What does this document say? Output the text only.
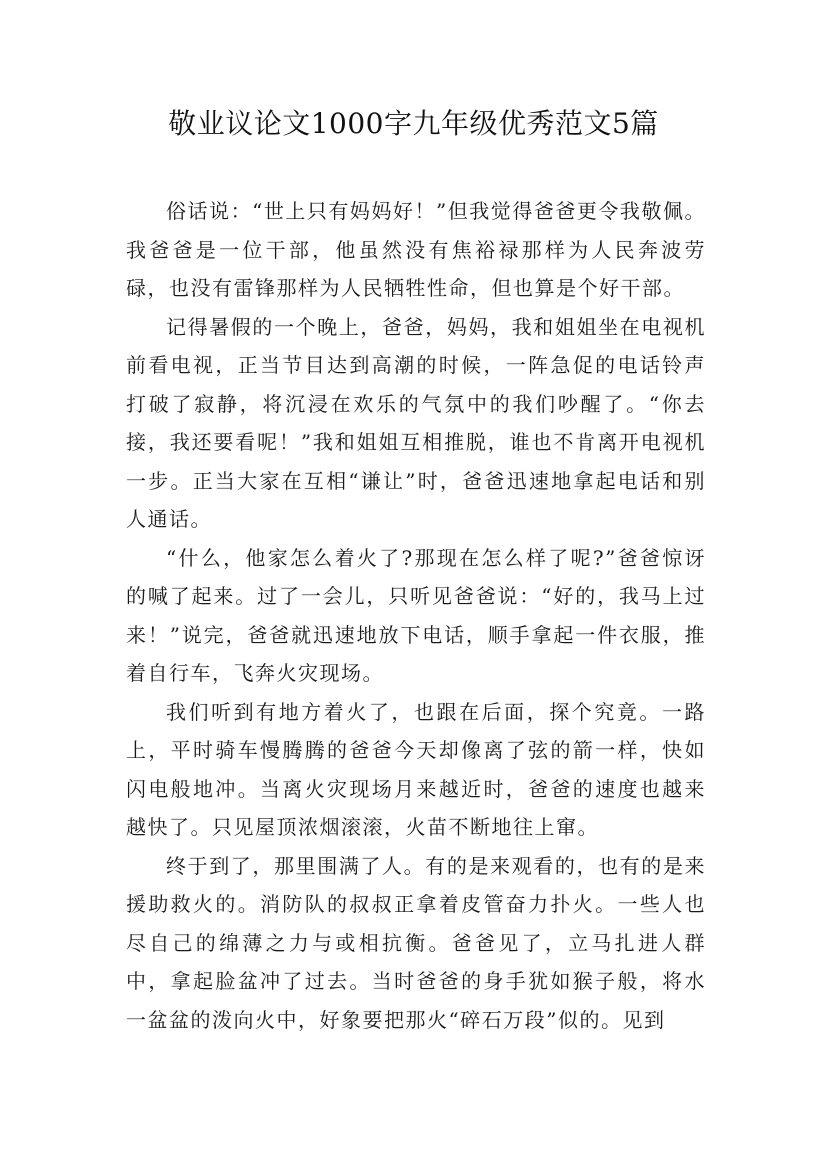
敬业议论文1000字九年级优秀范文5篇

俗话说：“世上只有妈妈好！”但我觉得爸爸更令我敬佩。我爸爸是一位干部，他虽然没有焦裕禄那样为人民奔波劳碌，也没有雷锋那样为人民牺牲性命，但也算是个好干部。

记得暑假的一个晚上，爸爸，妈妈，我和姐姐坐在电视机前看电视，正当节目达到高潮的时候，一阵急促的电话铃声打破了寂静，将沉浸在欢乐的气氛中的我们吵醒了。“你去接，我还要看呢！”我和姐姐互相推脱，谁也不肯离开电视机一步。正当大家在互相“谦让”时，爸爸迅速地拿起电话和别人通话。

“什么，他家怎么着火了?那现在怎么样了呢?”爸爸惊讶的喊了起来。过了一会儿，只听见爸爸说：“好的，我马上过来！”说完，爸爸就迅速地放下电话，顺手拿起一件衣服，推着自行车，飞奔火灾现场。

我们听到有地方着火了，也跟在后面，探个究竟。一路上，平时骑车慢腾腾的爸爸今天却像离了弦的箭一样，快如闪电般地冲。当离火灾现场月来越近时，爸爸的速度也越来越快了。只见屋顶浓烟滚滚，火苗不断地往上窜。

终于到了，那里围满了人。有的是来观看的，也有的是来援助救火的。消防队的叔叔正拿着皮管奋力扑火。一些人也尽自己的绵薄之力与或相抗衡。爸爸见了，立马扎进人群中，拿起脸盆冲了过去。当时爸爸的身手犹如猴子般，将水一盆盆的泼向火中，好象要把那火“碎石万段”似的。见到
